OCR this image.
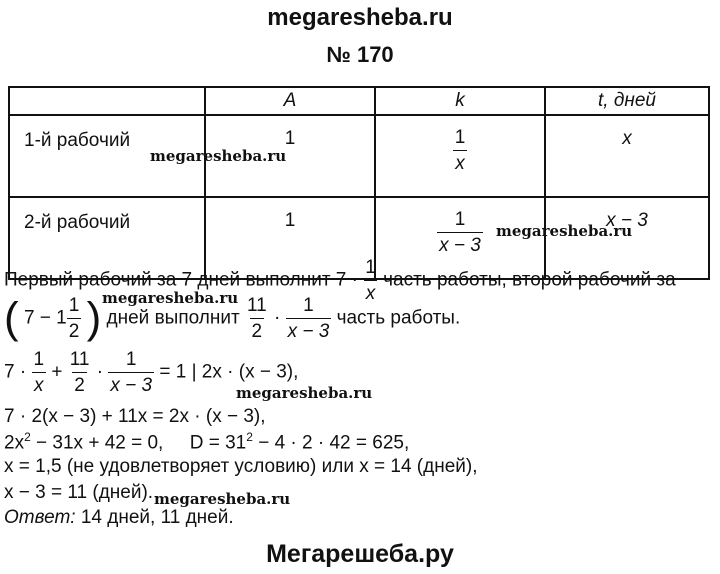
megaresheba.ru
№ 170
	A	k	t, дней
1-й рабочий	1	$\frac{1}{x}$	x
2-й рабочий	1	$\frac{1}{x - 3}$	x − 3
megaresheba.ru
megaresheba.ru
megaresheba.ru
megaresheba.ru
megaresheba.ru
Первый рабочий за 7 дней выполнит $7 \cdot \frac{1}{x}$ часть работы, второй рабочий за
( $7 - 1 \frac{1}{2}$ ) дней выполнит $\frac{11}{2} \cdot \frac{1}{x - 3}$ часть работы.
$7 \cdot \frac{1}{x} + \frac{11}{2} \cdot \frac{1}{x - 3} = 1$ | 2x · (x − 3),
7 · 2(x − 3) + 11x = 2x · (x − 3),
$2x^2 - 31x + 42 = 0$,     $D = 31^2 - 4 \cdot 2 \cdot 42 = 625$,
x = 1,5 (не удовлетворяет условию) или x = 14 (дней),
x − 3 = 11 (дней).
Ответ: 14 дней, 11 дней.
Мегарешеба.ру
